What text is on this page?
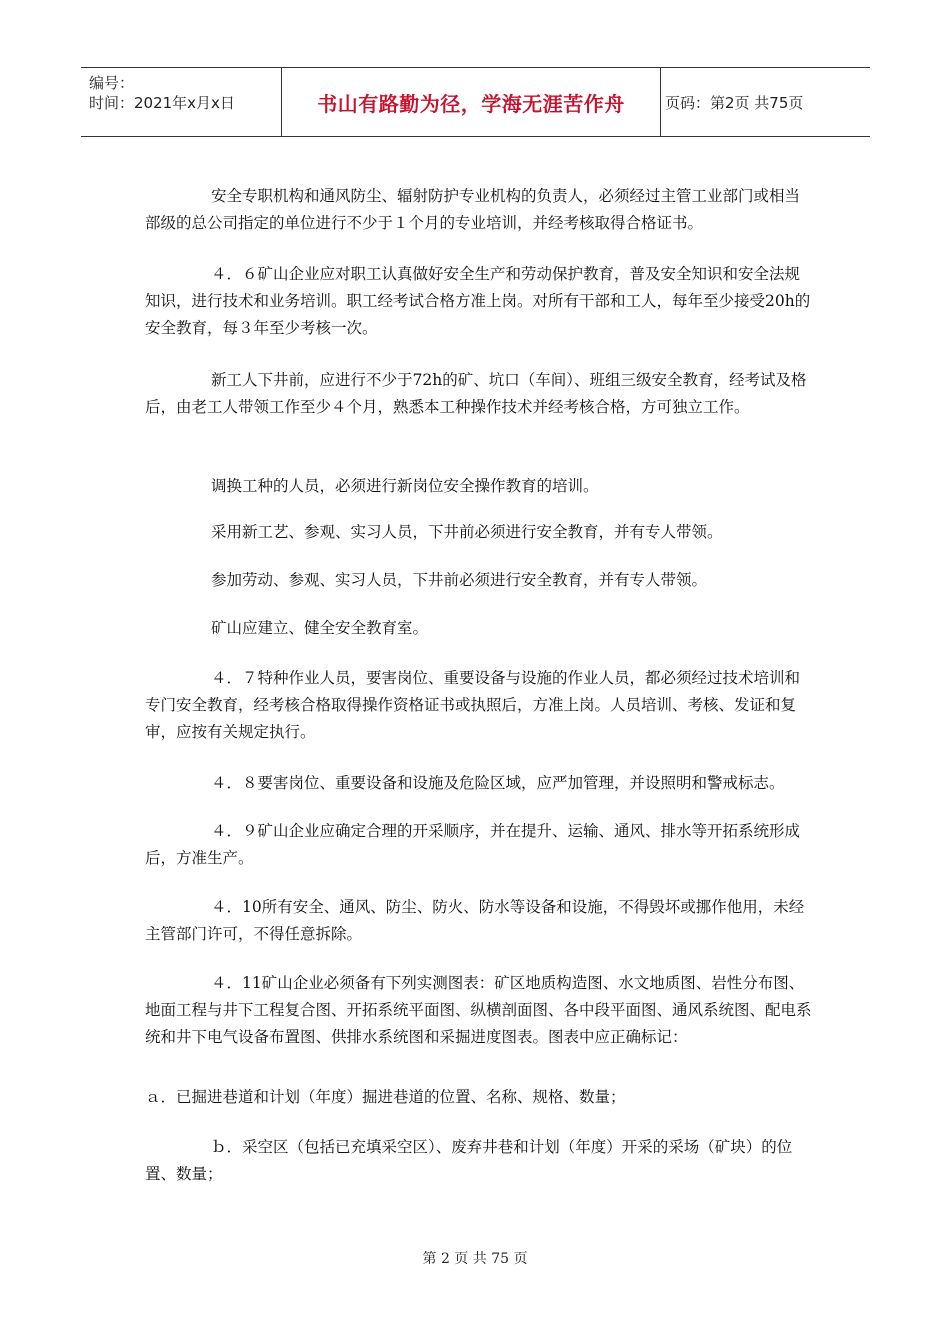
编号：
时间：2021年x月x日	书山有路勤为径，学海无涯苦作舟	页码：第2页 共75页

安全专职机构和通风防尘、辐射防护专业机构的负责人，必须经过主管工业部门或相当部级的总公司指定的单位进行不少于１个月的专业培训，并经考核取得合格证书。

４．６矿山企业应对职工认真做好安全生产和劳动保护教育，普及安全知识和安全法规知识，进行技术和业务培训。职工经考试合格方准上岗。对所有干部和工人，每年至少接受20h的安全教育，每３年至少考核一次。

新工人下井前，应进行不少于72h的矿、坑口（车间）、班组三级安全教育，经考试及格后，由老工人带领工作至少４个月，熟悉本工种操作技术并经考核合格，方可独立工作。

调换工种的人员，必须进行新岗位安全操作教育的培训。

采用新工艺、参观、实习人员，下井前必须进行安全教育，并有专人带领。

参加劳动、参观、实习人员，下井前必须进行安全教育，并有专人带领。

矿山应建立、健全安全教育室。

４．７特种作业人员，要害岗位、重要设备与设施的作业人员，都必须经过技术培训和专门安全教育，经考核合格取得操作资格证书或执照后，方准上岗。人员培训、考核、发证和复审，应按有关规定执行。

４．８要害岗位、重要设备和设施及危险区域，应严加管理，并设照明和警戒标志。

４．９矿山企业应确定合理的开采顺序，并在提升、运输、通风、排水等开拓系统形成后，方准生产。

４．10所有安全、通风、防尘、防火、防水等设备和设施，不得毁坏或挪作他用，未经主管部门许可，不得任意拆除。

４．11矿山企业必须备有下列实测图表：矿区地质构造图、水文地质图、岩性分布图、地面工程与井下工程复合图、开拓系统平面图、纵横剖面图、各中段平面图、通风系统图、配电系统和井下电气设备布置图、供排水系统图和采掘进度图表。图表中应正确标记：

ａ．已掘进巷道和计划（年度）掘进巷道的位置、名称、规格、数量；

ｂ．采空区（包括已充填采空区）、废弃井巷和计划（年度）开采的采场（矿块）的位置、数量；

第 2 页 共 75 页
